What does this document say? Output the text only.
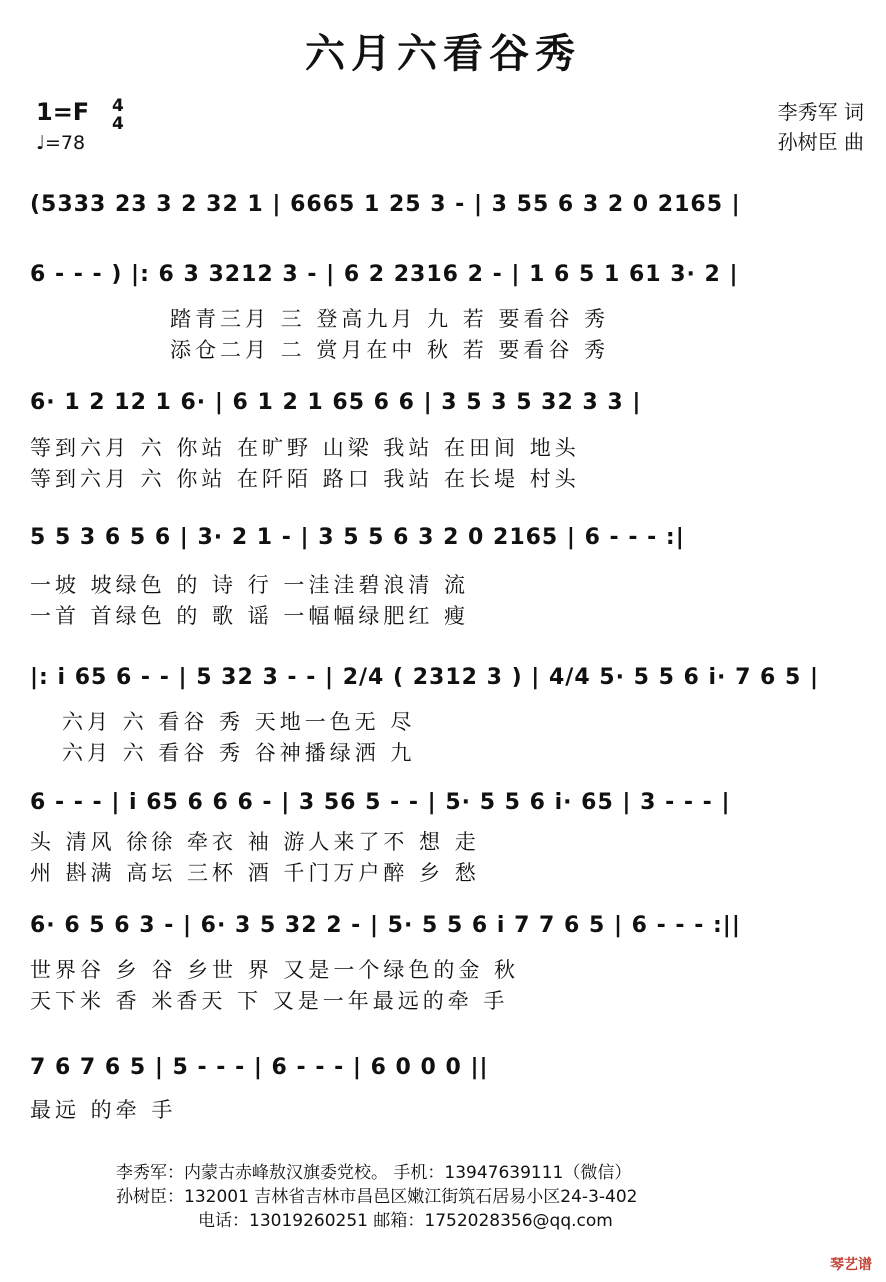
六月六看谷秀
1=F 4
4
♩=78
李秀军 词
孙树臣 曲
(5333 23 3 2 32 1 | 6665 1 25 3 - | 3 55 6 3 2 0 2165 |
6 - - - ) |: 6 3 3212 3 - | 6 2 2316 2 - | 1 6 5 1 61 3· 2 |
踏青三月 三 登高九月 九 若 要看谷 秀
添仓二月 二 赏月在中 秋 若 要看谷 秀
6· 1 2 12 1 6· | 6 1 2 1 65 6 6 | 3 5 3 5 32 3 3 |
等到六月 六 你站 在旷野 山梁 我站 在田间 地头
等到六月 六 你站 在阡陌 路口 我站 在长堤 村头
5 5 3 6 5 6 | 3· 2 1 - | 3 5 5 6 3 2 0 2165 | 6 - - - :|
一坡 坡绿色 的 诗 行 一洼洼碧浪清 流
一首 首绿色 的 歌 谣 一幅幅绿肥红 瘦
|: i 65 6 - - | 5 32 3 - - | 2/4 ( 2312 3 ) | 4/4 5· 5 5 6 i· 7 6 5 |
六月 六 看谷 秀 天地一色无 尽
六月 六 看谷 秀 谷神播绿洒 九
6 - - - | i 65 6 6 6 - | 3 56 5 - - | 5· 5 5 6 i· 65 | 3 - - - |
头 清风 徐徐 牵衣 袖 游人来了不 想 走
州 斟满 高坛 三杯 酒 千门万户醉 乡 愁
6· 6 5 6 3 - | 6· 3 5 32 2 - | 5· 5 5 6 i 7 7 6 5 | 6 - - - :||
世界谷 乡 谷 乡世 界 又是一个绿色的金 秋
天下米 香 米香天 下 又是一年最远的牵 手
7 6 7 6 5 | 5 - - - | 6 - - - | 6 0 0 0 ||
最远 的牵 手
李秀军：内蒙古赤峰敖汉旗委党校。 手机：13947639111（微信）
孙树臣：132001 吉林省吉林市昌邑区嫩江街筑石居易小区24-3-402
电话：13019260251 邮箱：1752028356@qq.com
琴艺谱
